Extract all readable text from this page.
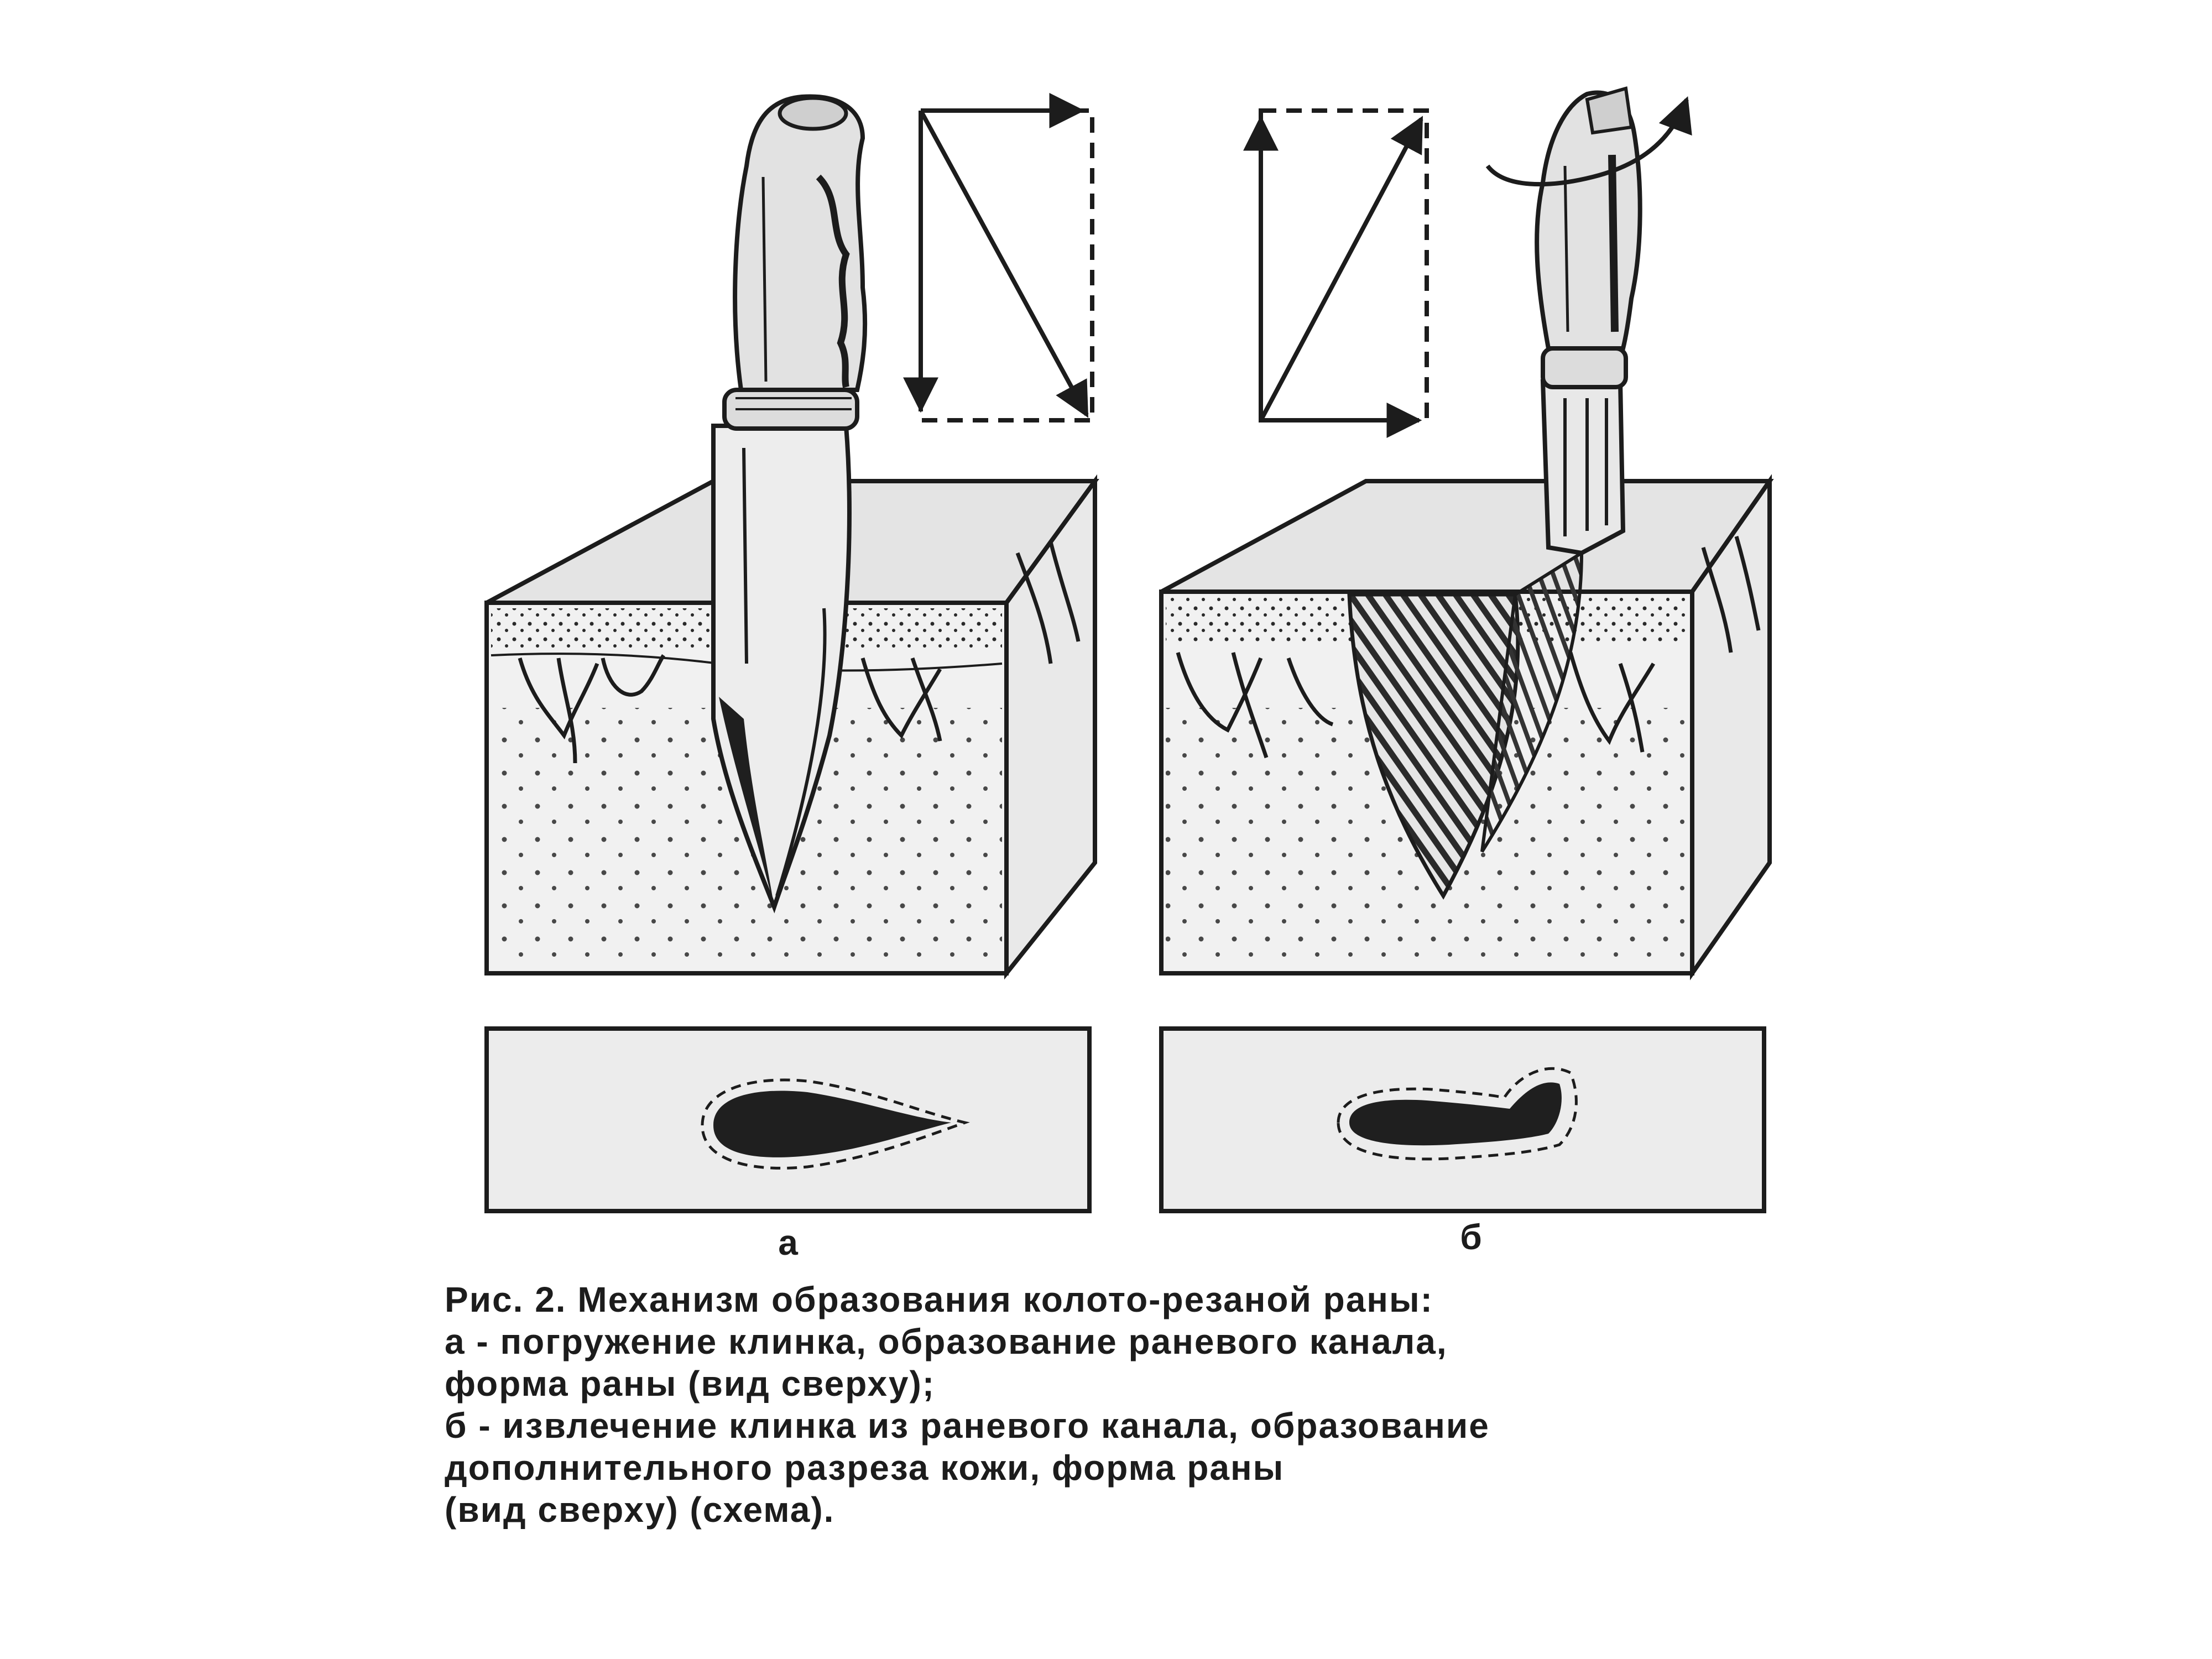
а	б
Рис. 2. Механизм образования колото-резаной раны:
а - погружение клинка, образование раневого канала,
форма раны (вид сверху);
б - извлечение клинка из раневого канала, образование
дополнительного разреза кожи, форма раны
(вид сверху) (схема).
